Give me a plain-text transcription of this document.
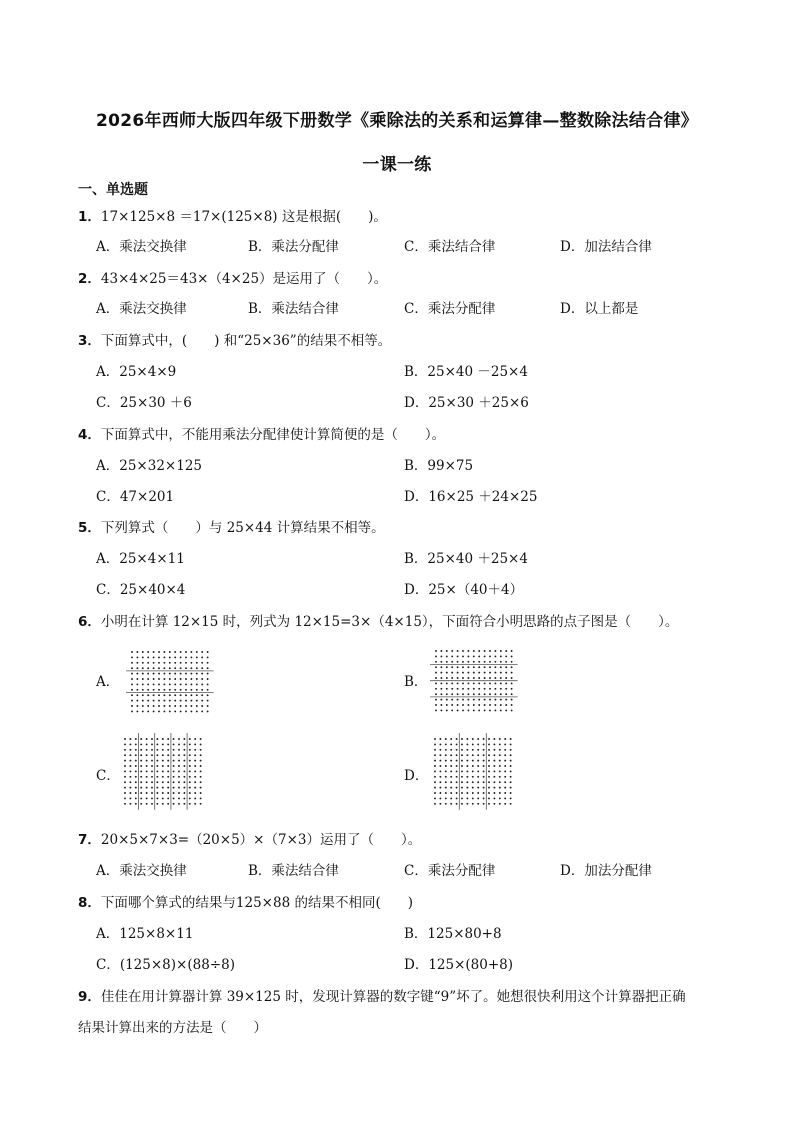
2026年西师大版四年级下册数学《乘除法的关系和运算律—整数除法结合律》
一课一练
一、单选题
1．17×125×8 ＝17×(125×8) 这是根据(　　)。
A．乘法交换律	B．乘法分配律	C．乘法结合律	D．加法结合律
2．43×4×25＝43×（4×25）是运用了（　　）。
A．乘法交换律	B．乘法结合律	C．乘法分配律	D．以上都是
3．下面算式中，(　　) 和“25×36”的结果不相等。
A．25×4×9	B．25×40 －25×4
C．25×30 ＋6	D．25×30 ＋25×6
4．下面算式中，不能用乘法分配律使计算简便的是（　　）。
A．25×32×125	B．99×75
C．47×201	D．16×25 ＋24×25
5．下列算式（　　）与 25×44 计算结果不相等。
A．25×4×11	B．25×40 ＋25×4
C．25×40×4	D．25×（40＋4）
6．小明在计算 12×15 时，列式为 12×15=3×（4×15），下面符合小明思路的点子图是（　　）。
A．	B．
C．	D．
7．20×5×7×3=（20×5）×（7×3）运用了（　　）。
A．乘法交换律	B．乘法结合律	C．乘法分配律	D．加法分配律
8．下面哪个算式的结果与125×88 的结果不相同(　　)
A．125×8×11	B．125×80+8
C．(125×8)×(88÷8)	D．125×(80+8)
9．佳佳在用计算器计算 39×125 时，发现计算器的数字键“9”坏了。她想很快利用这个计算器把正确
结果计算出来的方法是（　　）
